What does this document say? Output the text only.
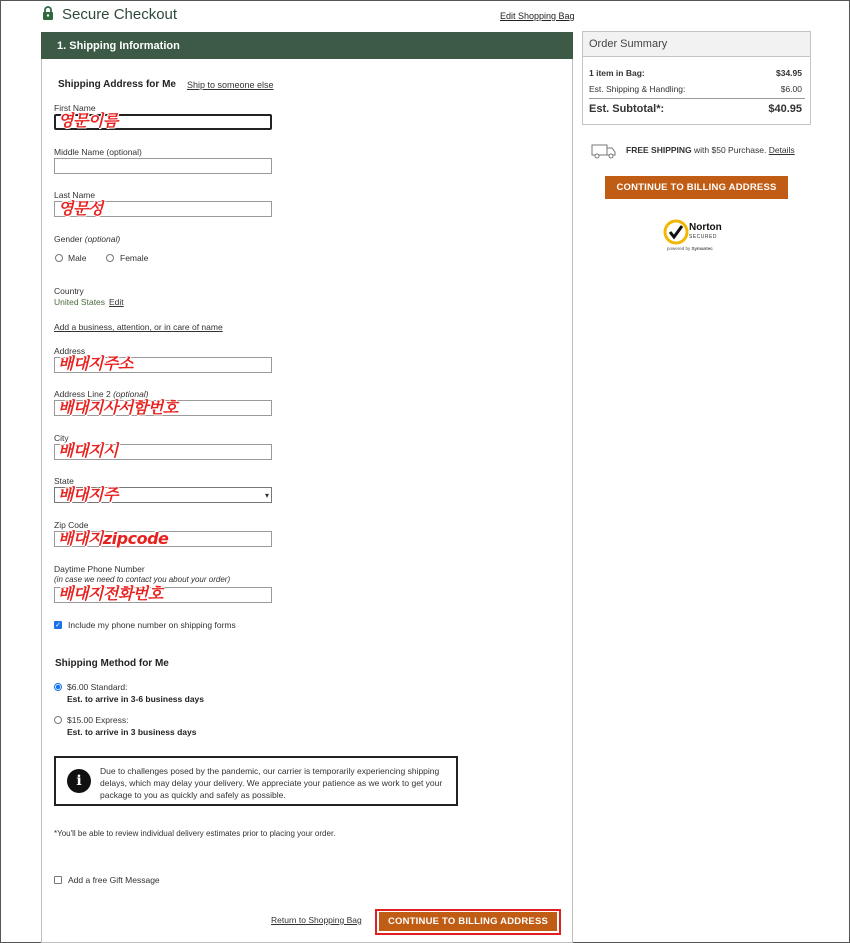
Secure Checkout	Edit Shopping Bag
1. Shipping Information
Shipping Address for Me Ship to someone else
First Name
영문이름
Middle Name (optional)
Last Name
영문성
Gender (optional)
Male	Female
Country
United States Edit
Add a business, attention, or in care of name
Address
배대지주소
Address Line 2 (optional)
배대지사서함번호
City
배대지시
State
▾
배대지주
Zip Code
배대지zipcode
Daytime Phone Number
(in case we need to contact you about your order)
배대지전화번호
✓ Include my phone number on shipping forms
Shipping Method for Me
$6.00 Standard:
Est. to arrive in 3-6 business days
$15.00 Express:
Est. to arrive in 3 business days
i
Due to challenges posed by the pandemic, our carrier is temporarily experiencing shipping delays, which may delay your delivery. We appreciate your patience as we work to get your package to you as quickly and safely as possible.
*You'll be able to review individual delivery estimates prior to placing your order.
Add a free Gift Message
Return to Shopping Bag	CONTINUE TO BILLING ADDRESS
Order Summary
1 item in Bag:	$34.95
Est. Shipping & Handling:	$6.00
Est. Subtotal*:	$40.95
FREE SHIPPING with $50 Purchase. Details
CONTINUE TO BILLING ADDRESS
Norton
SECURED
powered by Symantec
